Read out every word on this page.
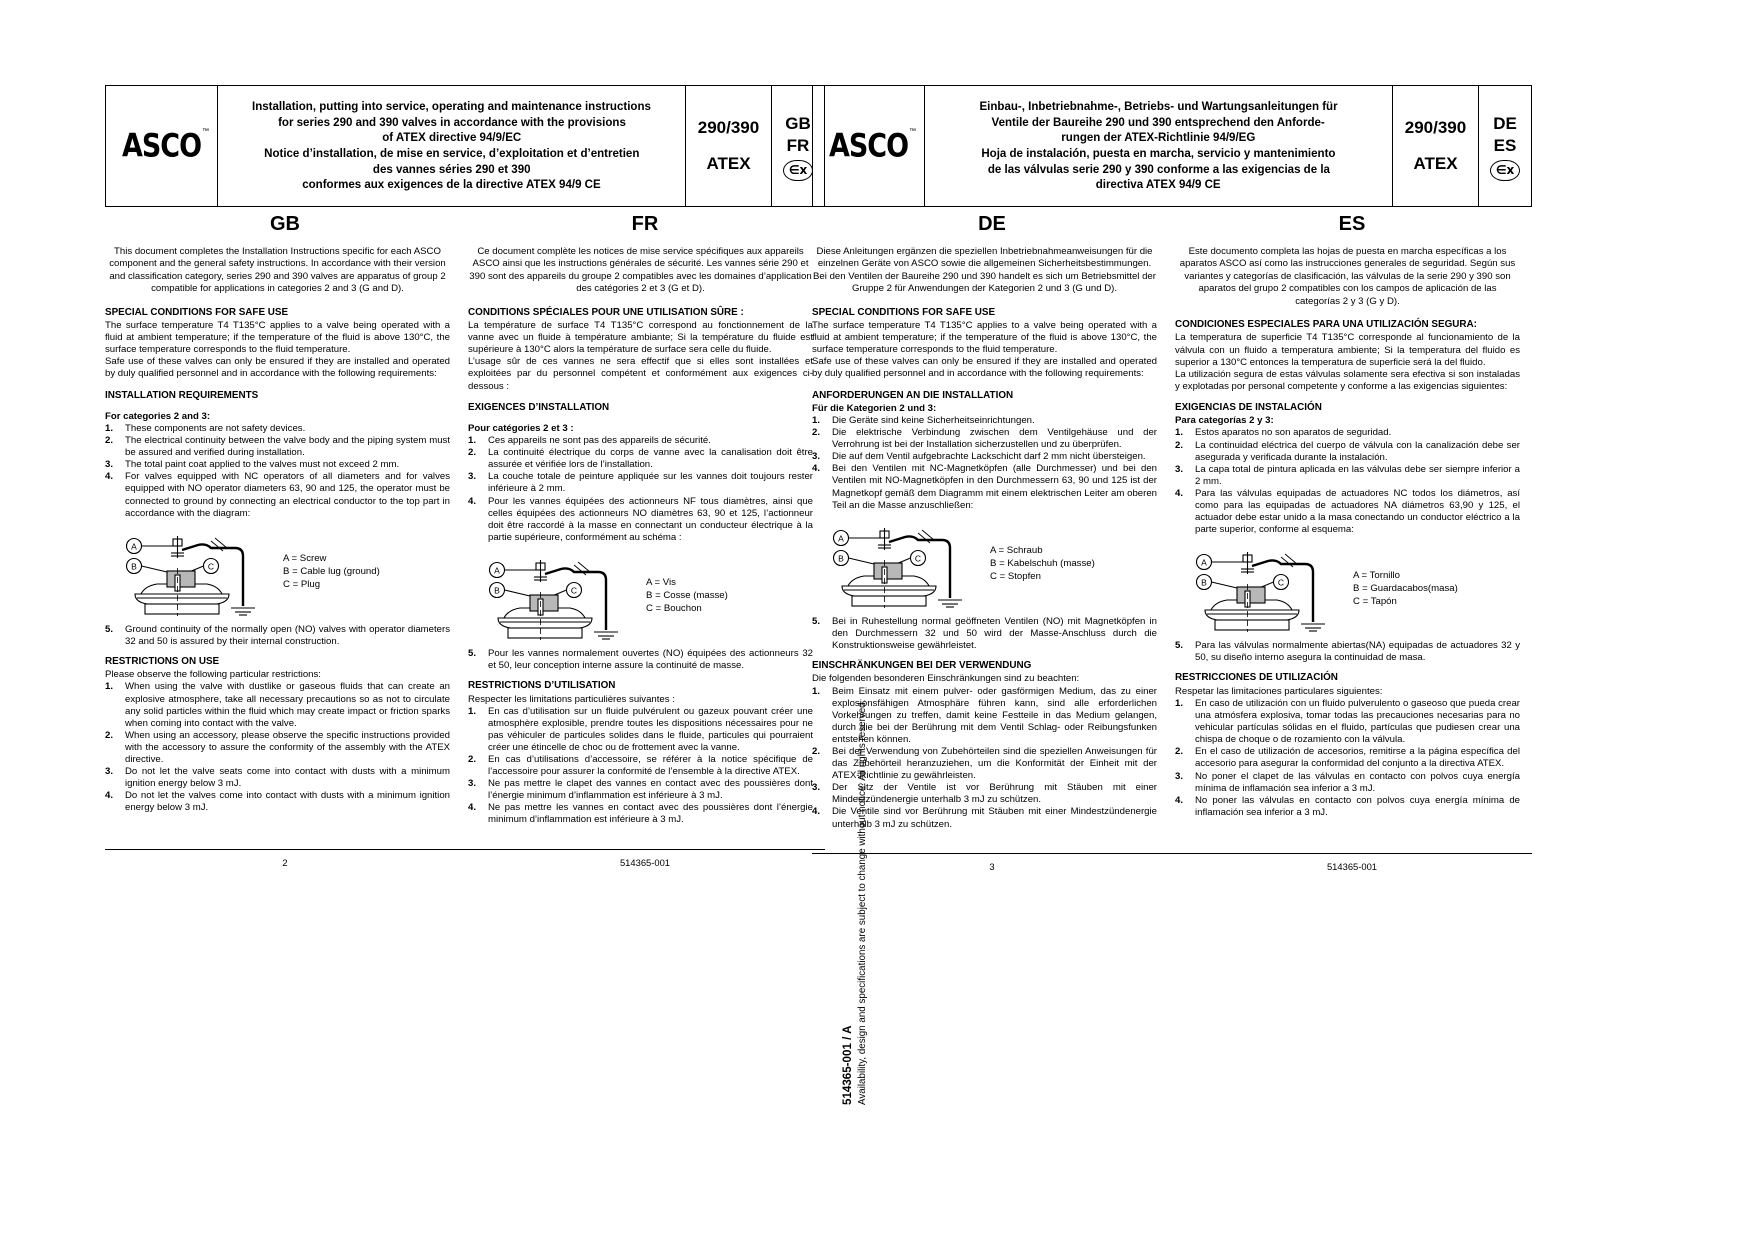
ASCO ™
Installation, putting into service, operating and maintenance instructions
for series 290 and 390 valves in accordance with the provisions
of ATEX directive 94/9/EC
Notice d’installation, de mise en service, d’exploitation et d’entretien
des vannes séries 290 et 390
conformes aux exigences de la directive ATEX 94/9 CE
290/390
ATEX
GB
FR
∈x
GB	FR
This document completes the Installation Instructions specific for each ASCO component and the general safety instructions. In accordance with their version and classification category, series 290 and 390 valves are apparatus of group 2 compatible for applications in categories 2 and 3 (G and D).
SPECIAL CONDITIONS FOR SAFE USE

The surface temperature T4 T135°C applies to a valve being operated with a fluid at ambient temperature; if the temperature of the fluid is above 130°C, the surface temperature corresponds to the fluid temperature.

Safe use of these valves can only be ensured if they are installed and operated by duly qualified personnel and in accordance with the following requirements:

INSTALLATION REQUIREMENTS
For categories 2 and 3:
1.	These components are not safety devices.
2.	The electrical continuity between the valve body and the piping system must be assured and verified during installation.
3.	The total paint coat applied to the valves must not exceed 2 mm.
4.	For valves equipped with NC operators of all diameters and for valves equipped with NO operator diameters 63, 90 and 125, the operator must be connected to ground by connecting an electrical conductor to the top part in accordance with the diagram:
A
B	C
A = Screw
B = Cable lug (ground)
C = Plug
5.	Ground continuity of the normally open (NO) valves with operator diameters 32 and 50 is assured by their internal construction.
RESTRICTIONS ON USE
Please observe the following particular restrictions:
1.	When using the valve with dustlike or gaseous fluids that can create an explosive atmosphere, take all necessary precautions so as not to circulate any solid particles within the fluid which may create impact or friction sparks when coming into contact with the valve.
2.	When using an accessory, please observe the specific instructions provided with the accessory to assure the conformity of the assembly with the ATEX directive.
3.	Do not let the valve seats come into contact with dusts with a minimum ignition energy below 3 mJ.
4.	Do not let the valves come into contact with dusts with a minimum ignition energy below 3 mJ.
Ce document complète les notices de mise service spécifiques aux appareils ASCO ainsi que les instructions générales de sécurité. Les vannes série 290 et 390 sont des appareils du groupe 2 compatibles avec les domaines d’application des catégories 2 et 3 (G et D).
CONDITIONS SPÉCIALES POUR UNE UTILISATION SÛRE :

La température de surface T4 T135°C correspond au fonctionnement de la vanne avec un fluide à température ambiante; Si la température du fluide est supérieure à 130°C alors la température de surface sera celle du fluide.

L’usage sûr de ces vannes ne sera effectif que si elles sont installées et exploitées par du personnel compétent et conformément aux exigences ci-dessous :

EXIGENCES D’INSTALLATION
Pour catégories 2 et 3 :
1.	Ces appareils ne sont pas des appareils de sécurité.
2.	La continuité électrique du corps de vanne avec la canalisation doit être assurée et vérifiée lors de l’installation.
3.	La couche totale de peinture appliquée sur les vannes doit toujours rester inférieure à 2 mm.
4.	Pour les vannes équipées des actionneurs NF tous diamètres, ainsi que celles équipées des actionneurs NO diamètres 63, 90 et 125, l’actionneur doit être raccordé à la masse en connectant un conducteur électrique à la partie supérieure, conformément au schéma :
A
B	C
A = Vis
B = Cosse (masse)
C = Bouchon
5.	Pour les vannes normalement ouvertes (NO) équipées des actionneurs 32 et 50, leur conception interne assure la continuité de masse.
RESTRICTIONS D’UTILISATION
Respecter les limitations particulières suivantes :
1.	En cas d’utilisation sur un fluide pulvérulent ou gazeux pouvant créer une atmosphère explosible, prendre toutes les dispositions nécessaires pour ne pas véhiculer de particules solides dans le fluide, particules qui pourraient créer une étincelle de choc ou de frottement avec la vanne.
2.	En cas d’utilisations d’accessoire, se référer à la notice spécifique de l’accessoire pour assurer la conformité de l’ensemble à la directive ATEX.
3.	Ne pas mettre le clapet des vannes en contact avec des poussières dont l’énergie minimum d’inflammation est inférieure à 3 mJ.
4.	Ne pas mettre les vannes en contact avec des poussières dont l’énergie minimum d’inflammation est inférieure à 3 mJ.
2	514365-001
514365-001 / A Availability, design and specifications are subject to change without notice. All rights reserved.
ASCO ™
Einbau-, Inbetriebnahme-, Betriebs- und Wartungsanleitungen für
Ventile der Baureihe 290 und 390 entsprechend den Anforde-
rungen der ATEX-Richtlinie 94/9/EG
Hoja de instalación, puesta en marcha, servicio y mantenimiento
de las válvulas serie 290 y 390 conforme a las exigencias de la
directiva ATEX 94/9 CE
290/390
ATEX
DE
ES
∈x
DE	ES
Diese Anleitungen ergänzen die speziellen Inbetriebnahmeanweisungen für die einzelnen Geräte von ASCO sowie die allgemeinen Sicherheitsbestimmungen. Bei den Ventilen der Baureihe 290 und 390 handelt es sich um Betriebsmittel der Gruppe 2 für Anwendungen der Kategorien 2 und 3 (G und D).
SPECIAL CONDITIONS FOR SAFE USE

The surface temperature T4 T135°C applies to a valve being operated with a fluid at ambient temperature; if the temperature of the fluid is above 130°C, the surface temperature corresponds to the fluid temperature.

Safe use of these valves can only be ensured if they are installed and operated by duly qualified personnel and in accordance with the following requirements:

ANFORDERUNGEN AN DIE INSTALLATION
Für die Kategorien 2 und 3:
1.	Die Geräte sind keine Sicherheitseinrichtungen.
2.	Die elektrische Verbindung zwischen dem Ventilgehäuse und der Verrohrung ist bei der Installation sicherzustellen und zu überprüfen.
3.	Die auf dem Ventil aufgebrachte Lackschicht darf 2 mm nicht übersteigen.
4.	Bei den Ventilen mit NC-Magnetköpfen (alle Durchmesser) und bei den Ventilen mit NO-Magnetköpfen in den Durchmessern 63, 90 und 125 ist der Magnetkopf gemäß dem Diagramm mit einem elektrischen Leiter am oberen Teil an die Masse anzuschließen:
A
B	C
A = Schraub
B = Kabelschuh (masse)
C = Stopfen
5.	Bei in Ruhestellung normal geöffneten Ventilen (NO) mit Magnetköpfen in den Durchmessern 32 und 50 wird der Masse-Anschluss durch die Konstruktionsweise gewährleistet.
EINSCHRÄNKUNGEN BEI DER VERWENDUNG
Die folgenden besonderen Einschränkungen sind zu beachten:
1.	Beim Einsatz mit einem pulver- oder gasförmigen Medium, das zu einer explosionsfähigen Atmosphäre führen kann, sind alle erforderlichen Vorkehrungen zu treffen, damit keine Festteile in das Medium gelangen, durch die bei der Berührung mit dem Ventil Schlag- oder Reibungsfunken entstehen können.
2.	Bei der Verwendung von Zubehörteilen sind die speziellen Anweisungen für das Zubehörteil heranzuziehen, um die Konformität der Einheit mit der ATEX-Richtlinie zu gewährleisten.
3.	Der Sitz der Ventile ist vor Berührung mit Stäuben mit einer Mindestzündenergie unterhalb 3 mJ zu schützen.
4.	Die Ventile sind vor Berührung mit Stäuben mit einer Mindestzündenergie unterhalb 3 mJ zu schützen.
Este documento completa las hojas de puesta en marcha específicas a los aparatos ASCO así como las instrucciones generales de seguridad. Según sus variantes y categorías de clasificación, las válvulas de la serie 290 y 390 son aparatos del grupo 2 compatibles con los campos de aplicación de las categorías 2 y 3 (G y D).
CONDICIONES ESPECIALES PARA UNA UTILIZACIÓN SEGURA:

La temperatura de superficie T4 T135°C corresponde al funcionamiento de la válvula con un fluido a temperatura ambiente; Si la temperatura del fluido es superior a 130°C entonces la temperatura de superficie será la del fluido.

La utilización segura de estas válvulas solamente sera efectiva si son instaladas y explotadas por personal competente y conforme a las exigencias siguientes:

EXIGENCIAS DE INSTALACIÓN
Para categorías 2 y 3:
1.	Estos aparatos no son aparatos de seguridad.
2.	La continuidad eléctrica del cuerpo de válvula con la canalización debe ser asegurada y verificada durante la instalación.
3.	La capa total de pintura aplicada en las válvulas debe ser siempre inferior a 2 mm.
4.	Para las válvulas equipadas de actuadores NC todos los diámetros, así como para las equipadas de actuadores NA diámetros 63,90 y 125, el actuador debe estar unido a la masa conectando un conductor eléctrico a la parte superior, conforme al esquema:
A
B	C
A = Tornillo
B = Guardacabos(masa)
C = Tapón
5.	Para las válvulas normalmente abiertas(NA) equipadas de actuadores 32 y 50, su diseño interno asegura la continuidad de masa.
RESTRICCIONES DE UTILIZACIÓN
Respetar las limitaciones particulares siguientes:
1.	En caso de utilización con un fluido pulverulento o gaseoso que pueda crear una atmósfera explosiva, tomar todas las precauciones necesarias para no vehicular partículas sólidas en el fluido, partículas que pudiesen crear una chispa de choque o de rozamiento con la válvula.
2.	En el caso de utilización de accesorios, remitirse a la página específica del accesorio para asegurar la conformidad del conjunto a la directiva ATEX.
3.	No poner el clapet de las válvulas en contacto con polvos cuya energía mínima de inflamación sea inferior a 3 mJ.
4.	No poner las válvulas en contacto con polvos cuya energía mínima de inflamación sea inferior a 3 mJ.
3	514365-001
